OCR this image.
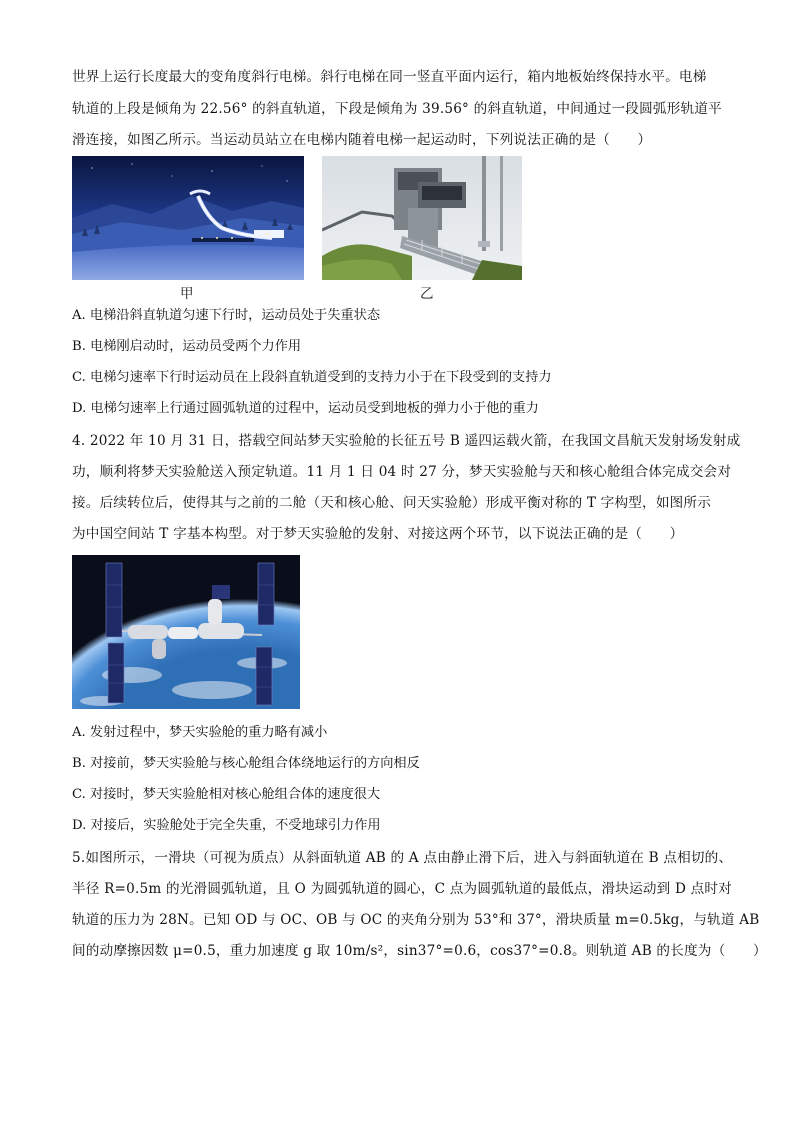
世界上运行长度最大的变角度斜行电梯。斜行电梯在同一竖直平面内运行，箱内地板始终保持水平。电梯
轨道的上段是倾角为 22.56° 的斜直轨道，下段是倾角为 39.56° 的斜直轨道，中间通过一段圆弧形轨道平
滑连接，如图乙所示。当运动员站立在电梯内随着电梯一起运动时，下列说法正确的是（　　）
甲	乙
A. 电梯沿斜直轨道匀速下行时，运动员处于失重状态
B. 电梯刚启动时，运动员受两个力作用
C. 电梯匀速率下行时运动员在上段斜直轨道受到的支持力小于在下段受到的支持力
D. 电梯匀速率上行通过圆弧轨道的过程中，运动员受到地板的弹力小于他的重力
4. 2022 年 10 月 31 日，搭载空间站梦天实验舱的长征五号 B 遥四运载火箭，在我国文昌航天发射场发射成
功，顺利将梦天实验舱送入预定轨道。11 月 1 日 04 时 27 分，梦天实验舱与天和核心舱组合体完成交会对
接。后续转位后，使得其与之前的二舱（天和核心舱、问天实验舱）形成平衡对称的 T 字构型，如图所示
为中国空间站 T 字基本构型。对于梦天实验舱的发射、对接这两个环节，以下说法正确的是（　　）
A. 发射过程中，梦天实验舱的重力略有减小
B. 对接前，梦天实验舱与核心舱组合体绕地运行的方向相反
C. 对接时，梦天实验舱相对核心舱组合体的速度很大
D. 对接后，实验舱处于完全失重，不受地球引力作用
5.如图所示，一滑块（可视为质点）从斜面轨道 AB 的 A 点由静止滑下后，进入与斜面轨道在 B 点相切的、
半径 R=0.5m 的光滑圆弧轨道，且 O 为圆弧轨道的圆心，C 点为圆弧轨道的最低点，滑块运动到 D 点时对
轨道的压力为 28N。已知 OD 与 OC、OB 与 OC 的夹角分别为 53°和 37°，滑块质量 m=0.5kg，与轨道 AB
间的动摩擦因数 μ=0.5，重力加速度 g 取 10m/s²，sin37°=0.6，cos37°=0.8。则轨道 AB 的长度为（　　）
